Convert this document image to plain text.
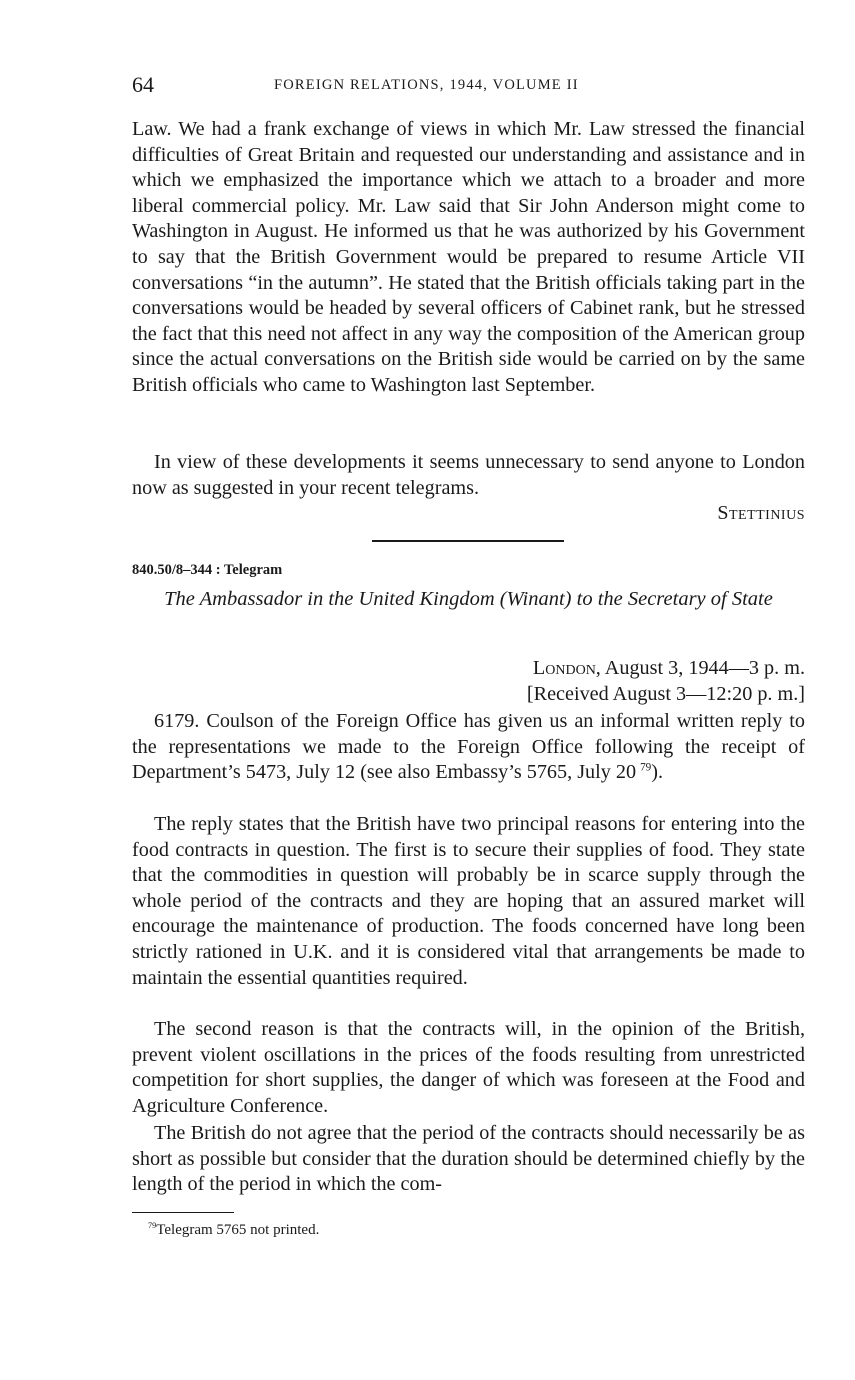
64	FOREIGN RELATIONS, 1944, VOLUME II

Law. We had a frank exchange of views in which Mr. Law stressed the financial difficulties of Great Britain and requested our understanding and assistance and in which we emphasized the importance which we attach to a broader and more liberal commercial policy. Mr. Law said that Sir John Anderson might come to Washington in August. He informed us that he was authorized by his Government to say that the British Government would be prepared to resume Article VII conversations “in the autumn”. He stated that the British officials taking part in the conversations would be headed by several officers of Cabinet rank, but he stressed the fact that this need not affect in any way the composition of the American group since the actual conversations on the British side would be carried on by the same British officials who came to Washington last September.

In view of these developments it seems unnecessary to send anyone to London now as suggested in your recent telegrams.

Stettinius
840.50/8–344 : Telegram
The Ambassador in the United Kingdom (Winant) to the Secretary of State
London, August 3, 1944—3 p. m.
[Received August 3—12:20 p. m.]

6179. Coulson of the Foreign Office has given us an informal written reply to the representations we made to the Foreign Office following the receipt of Department’s 5473, July 12 (see also Embassy’s 5765, July 20  $^{79}$).

The reply states that the British have two principal reasons for entering into the food contracts in question. The first is to secure their supplies of food. They state that the commodities in question will probably be in scarce supply through the whole period of the contracts and they are hoping that an assured market will encourage the maintenance of production. The foods concerned have long been strictly rationed in U.K. and it is considered vital that arrangements be made to maintain the essential quantities required.

The second reason is that the contracts will, in the opinion of the British, prevent violent oscillations in the prices of the foods resulting from unrestricted competition for short supplies, the danger of which was foreseen at the Food and Agriculture Conference.

The British do not agree that the period of the contracts should necessarily be as short as possible but consider that the duration should be determined chiefly by the length of the period in which the com-

$^{79}$Telegram 5765 not printed.
